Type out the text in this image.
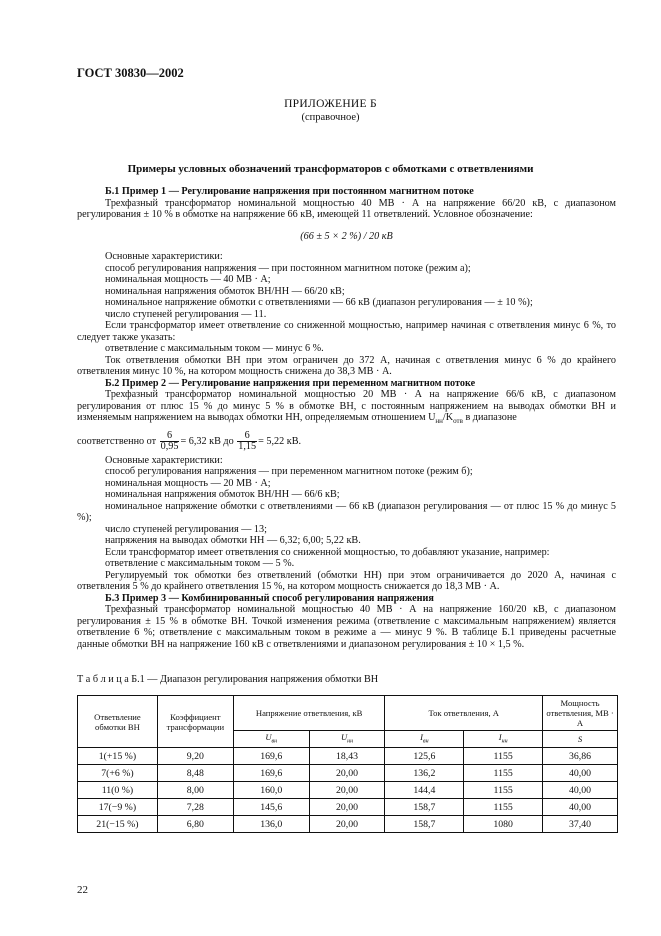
ГОСТ 30830—2002
ПРИЛОЖЕНИЕ Б
(справочное)
Примеры условных обозначений трансформаторов с обмотками с ответвлениями

Б.1 Пример 1 — Регулирование напряжения при постоянном магнитном потоке

Трехфазный трансформатор номинальной мощностью 40 МВ · А на напряжение 66/20 кВ, с диапазоном регулирования ± 10 % в обмотке на напряжение 66 кВ, имеющей 11 ответвлений. Условное обозначение:

(66 ± 5 × 2 %) / 20 кВ

Основные характеристики:

способ регулирования напряжения — при постоянном магнитном потоке (режим а);

номинальная мощность — 40 МВ · А;

номинальная напряжения обмоток ВН/НН — 66/20 кВ;

номинальное напряжение обмотки с ответвлениями — 66 кВ (диапазон регулирования — ± 10 %);

число ступеней регулирования — 11.

Если трансформатор имеет ответвление со сниженной мощностью, например начиная с ответвления минус 6 %, то следует также указать:

ответвление с максимальным током — минус 6 %.

Ток ответвления обмотки ВН при этом ограничен до 372 А, начиная с ответвления минус 6 % до крайнего ответвления минус 10 %, на котором мощность снижена до 38,3 МВ · А.

Б.2 Пример 2 — Регулирование напряжения при переменном магнитном потоке

Трехфазный трансформатор номинальной мощностью 20 МВ · А на напряжение 66/6 кВ, с диапазоном регулирования от плюс 15 % до минус 5 % в обмотке ВН, с постоянным напряжением на выводах обмотки ВН и изменяемым напряжением на выводах обмотки НН, определяемым отношением $U_{нн}/K_{отв}$ в диапазоне

соответственно от $\frac{6}{0,95} = 6,32$ кВ до $\frac{6}{1,15} = 5,22$ кВ.

Основные характеристики:

способ регулирования напряжения — при переменном магнитном потоке (режим б);

номинальная мощность — 20 МВ · А;

номинальная напряжения обмоток ВН/НН — 66/6 кВ;

номинальное напряжение обмотки с ответвлениями — 66 кВ (диапазон регулирования — от плюс 15 % до минус 5 %);

число ступеней регулирования — 13;

напряжения на выводах обмотки НН — 6,32; 6,00; 5,22 кВ.

Если трансформатор имеет ответвления со сниженной мощностью, то добавляют указание, например:

ответвление с максимальным током — 5 %.

Регулируемый ток обмотки без ответвлений (обмотки НН) при этом ограничивается до 2020 А, начиная с ответвления 5 % до крайнего ответвления 15 %, на котором мощность снижается до 18,3 МВ · А.

Б.3 Пример 3 — Комбинированный способ регулирования напряжения

Трехфазный трансформатор номинальной мощностью 40 МВ · А на напряжение 160/20 кВ, с диапазоном регулирования ± 15 % в обмотке ВН. Точкой изменения режима (ответвление с максимальным напряжением) является ответвление 6 %; ответвление с максимальным током в режиме а — минус 9 %. В таблице Б.1 приведены расчетные данные обмотки ВН на напряжение 160 кВ с ответвлениями и диапазоном регулирования ± 10 × 1,5 %.

Т а б л и ц а Б.1 — Диапазон регулирования напряжения обмотки ВН
Ответвление обмотки ВН	Коэффициент трансформации	Напряжение ответвления, кВ		Ток ответвления, А		Мощность ответвления, МВ · А
		$U_{вн}$	$U_{нн}$	$I_{вн}$	$I_{нн}$	S
1(+15 %)	9,20	169,6	18,43	125,6	1155	36,86
7(+6 %)	8,48	169,6	20,00	136,2	1155	40,00
11(0 %)	8,00	160,0	20,00	144,4	1155	40,00
17(−9 %)	7,28	145,6	20,00	158,7	1155	40,00
21(−15 %)	6,80	136,0	20,00	158,7	1080	37,40
22
